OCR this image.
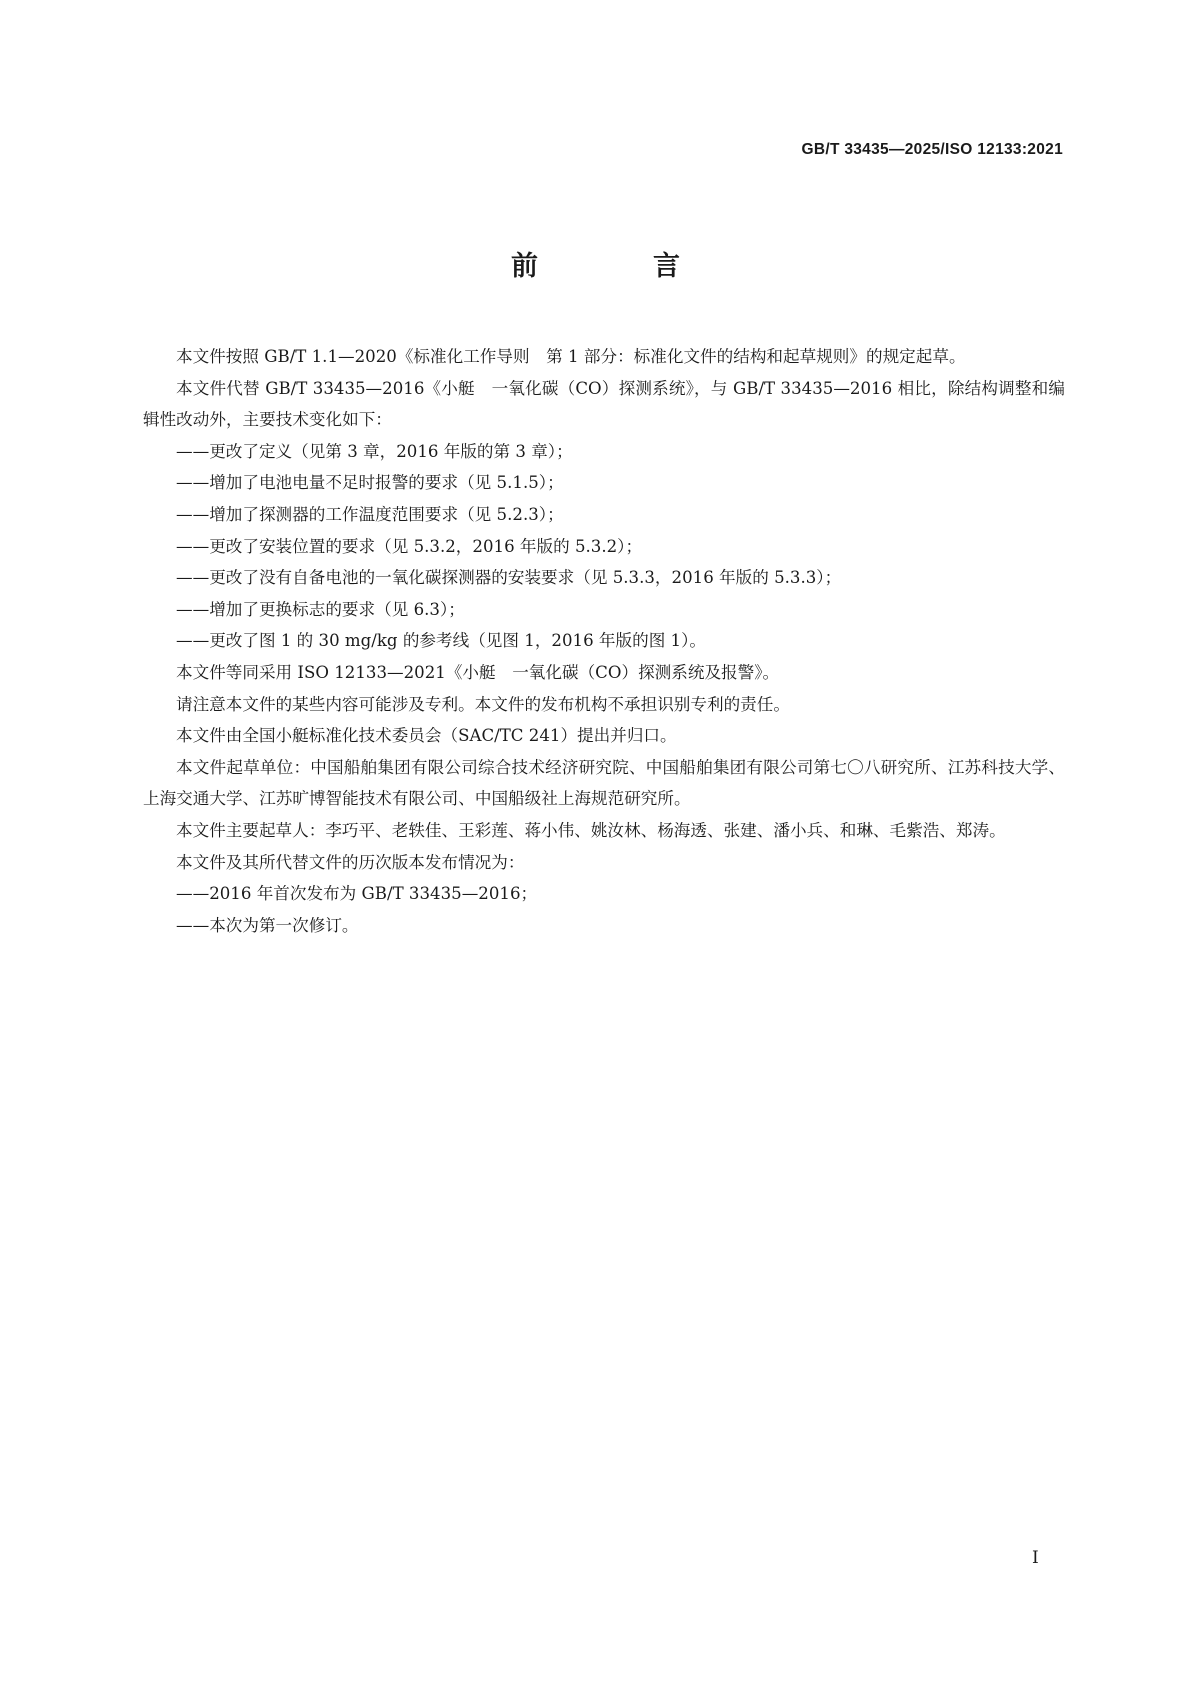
GB/T 33435—2025/ISO 12133:2021
前　言

本文件按照 GB/T 1.1—2020《标准化工作导则　第 1 部分：标准化文件的结构和起草规则》的规定起草。

本文件代替 GB/T 33435—2016《小艇　一氧化碳（CO）探测系统》，与 GB/T 33435—2016 相比，除结构调整和编辑性改动外，主要技术变化如下：

——更改了定义（见第 3 章，2016 年版的第 3 章）；

——增加了电池电量不足时报警的要求（见 5.1.5）；

——增加了探测器的工作温度范围要求（见 5.2.3）；

——更改了安装位置的要求（见 5.3.2，2016 年版的 5.3.2）；

——更改了没有自备电池的一氧化碳探测器的安装要求（见 5.3.3，2016 年版的 5.3.3）；

——增加了更换标志的要求（见 6.3）；

——更改了图 1 的 30 mg/kg 的参考线（见图 1，2016 年版的图 1）。

本文件等同采用 ISO 12133—2021《小艇　一氧化碳（CO）探测系统及报警》。

请注意本文件的某些内容可能涉及专利。本文件的发布机构不承担识别专利的责任。

本文件由全国小艇标准化技术委员会（SAC/TC 241）提出并归口。

本文件起草单位：中国船舶集团有限公司综合技术经济研究院、中国船舶集团有限公司第七〇八研究所、江苏科技大学、上海交通大学、江苏旷博智能技术有限公司、中国船级社上海规范研究所。

本文件主要起草人：李巧平、老轶佳、王彩莲、蒋小伟、姚汝林、杨海透、张建、潘小兵、和琳、毛紫浩、郑涛。

本文件及其所代替文件的历次版本发布情况为：

——2016 年首次发布为 GB/T 33435—2016；

——本次为第一次修订。

I
